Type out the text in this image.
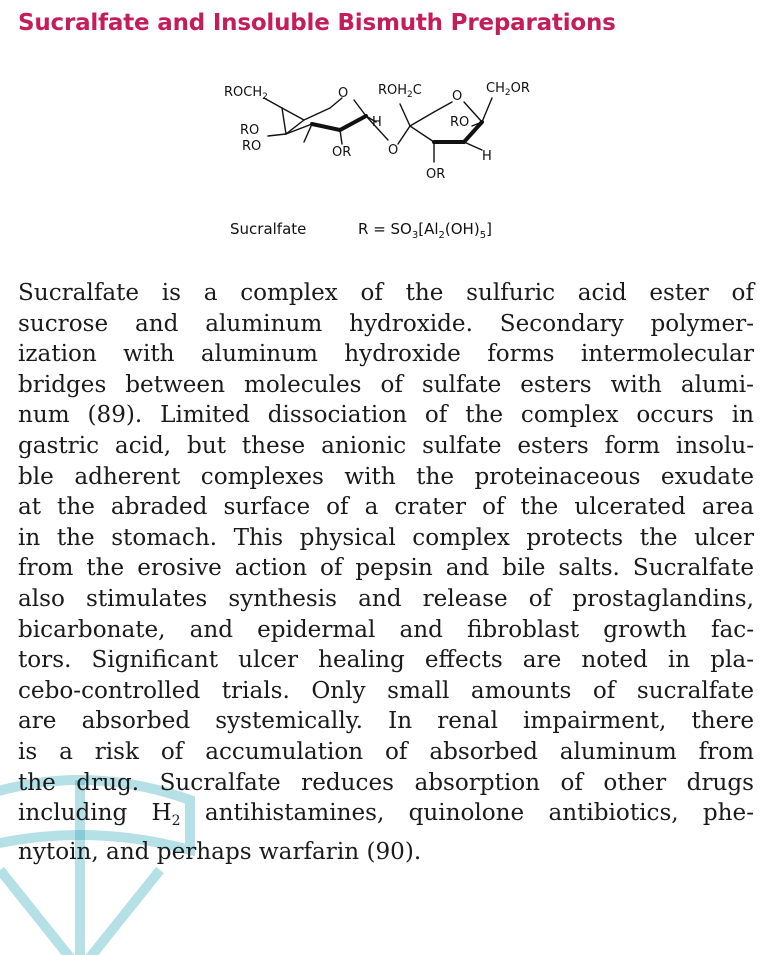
Sucralfate and Insoluble Bismuth Preparations
$ROCH_2$	O
RO
RO	OR
H
O
$ROH_2C$ O
$CH_2OR$
RO
H
OR
Sucralfate	$R = SO_3[Al_2(OH)_5]$
Sucralfate is a complex of the sulfuric acid ester of
sucrose and aluminum hydroxide. Secondary polymer-
ization with aluminum hydroxide forms intermolecular
bridges between molecules of sulfate esters with alumi-
num (89). Limited dissociation of the complex occurs in
gastric acid, but these anionic sulfate esters form insolu-
ble adherent complexes with the proteinaceous exudate
at the abraded surface of a crater of the ulcerated area
in the stomach. This physical complex protects the ulcer
from the erosive action of pepsin and bile salts. Sucralfate
also stimulates synthesis and release of prostaglandins,
bicarbonate, and epidermal and fibroblast growth fac-
tors. Significant ulcer healing effects are noted in pla-
cebo-controlled trials. Only small amounts of sucralfate
are absorbed systemically. In renal impairment, there
is a risk of accumulation of absorbed aluminum from
the drug. Sucralfate reduces absorption of other drugs
including $H_2$ antihistamines, quinolone antibiotics, phe-
nytoin, and perhaps warfarin (90).
